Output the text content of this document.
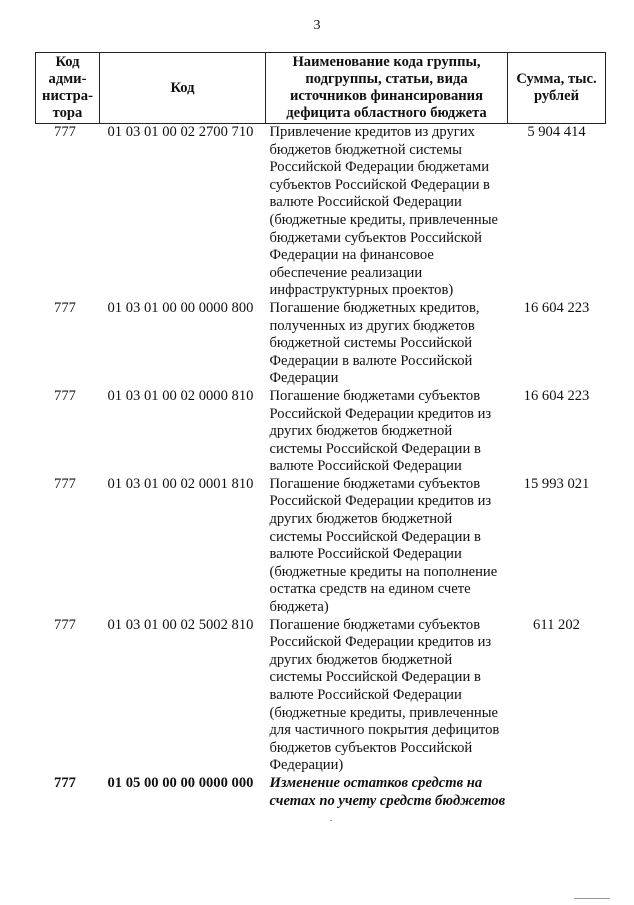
3
Код адми-нистра-тора	Код	Наименование кода группы, подгруппы, статьи, вида источников финансирования дефицита областного бюджета	Сумма, тыс. рублей
777	01 03 01 00 02 2700 710	Привлечение кредитов из других бюджетов бюджетной системы Российской Федерации бюджетами субъектов Российской Федерации в валюте Российской Федерации (бюджетные кредиты, привлеченные бюджетами субъектов Российской Федерации на финансовое обеспечение реализации инфраструктурных проектов)	5 904 414
777	01 03 01 00 00 0000 800	Погашение бюджетных кредитов, полученных из других бюджетов бюджетной системы Российской Федерации в валюте Российской Федерации	16 604 223
777	01 03 01 00 02 0000 810	Погашение бюджетами субъектов Российской Федерации кредитов из других бюджетов бюджетной системы Российской Федерации в валюте Российской Федерации	16 604 223
777	01 03 01 00 02 0001 810	Погашение бюджетами субъектов Российской Федерации кредитов из других бюджетов бюджетной системы Российской Федерации в валюте Российской Федерации (бюджетные кредиты на пополнение остатка средств на едином счете бюджета)	15 993 021
777	01 03 01 00 02 5002 810	Погашение бюджетами субъектов Российской Федерации кредитов из других бюджетов бюджетной системы Российской Федерации в валюте Российской Федерации (бюджетные кредиты, привлеченные для частичного покрытия дефицитов бюджетов субъектов Российской Федерации)	611 202
777	01 05 00 00 00 0000 000	Изменение остатков средств на счетах по учету средств бюджетов	
